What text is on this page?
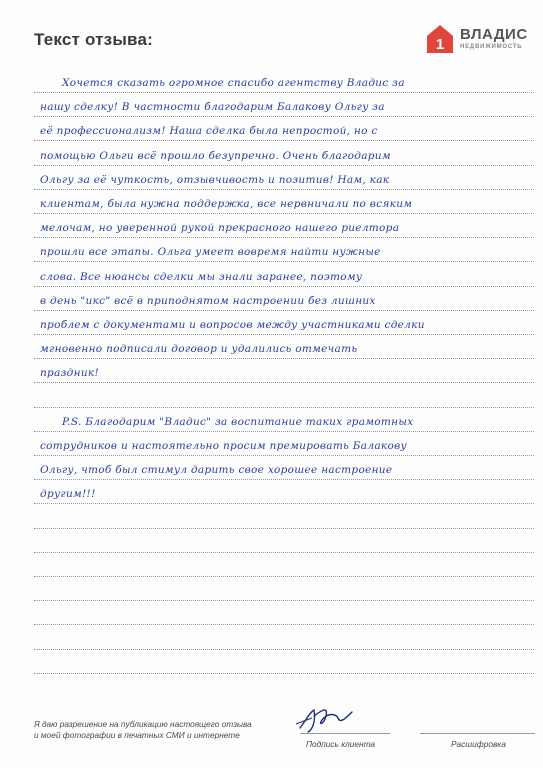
Текст отзыва:	1
ВЛАДИС
НЕДВИЖИМОСТЬ
Хочется сказать огромное спасибо агентству Владис за
нашу сделку! В частности благодарим Балакову Ольгу за
её профессионализм! Наша сделка была непростой, но с
помощью Ольги всё прошло безупречно. Очень благодарим
Ольгу за её чуткость, отзывчивость и позитив! Нам, как
клиентам, была нужна поддержка, все нервничали по всяким
мелочам, но уверенной рукой прекрасного нашего риелтора
прошли все этапы. Ольга умеет вовремя найти нужные
слова. Все нюансы сделки мы знали заранее, поэтому
в день "икс" всё в приподнятом настроении без лишних
проблем с документами и вопросов между участниками сделки
мгновенно подписали договор и удалились отмечать
праздник!
P.S. Благодарим "Владис" за воспитание таких грамотных
сотрудников и настоятельно просим премировать Балакову
Ольгу, чтоб был стимул дарить свое хорошее настроение
другим!!!
Я даю разрешение на публикацию настоящего отзыва
и моей фотографии в печатных СМИ и интернете
Подпись клиента	Расшифровка
